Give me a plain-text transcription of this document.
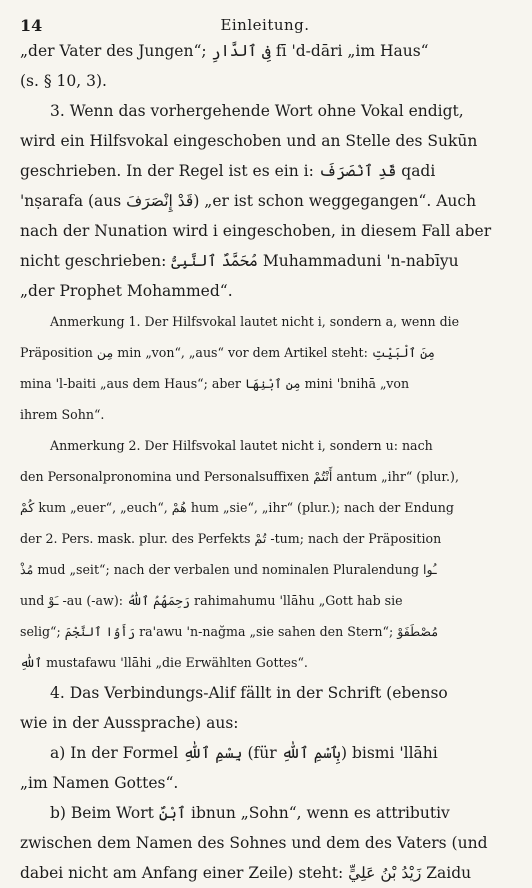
14	Einleitung.
„der Vater des Jungen“; فِى ٱلدَّارِ fī 'd-dāri „im Haus“
(s. § 10, 3).
3. Wenn das vorhergehende Wort ohne Vokal endigt,
wird ein Hilfsvokal eingeschoben und an Stelle des Sukūn
geschrieben. In der Regel ist es ein i: قَدِ ٱنْصَرَفَ qadi
'nṣarafa (aus قَدْ إِنْصَرَفَ) „er ist schon weggegangen“. Auch
nach der Nunation wird i eingeschoben, in diesem Fall aber
nicht geschrieben: مُحَمَّدٌ ٱلنَّبِىُّ Muhammaduni 'n-nabīyu
„der Prophet Mohammed“.
Anmerkung 1. Der Hilfsvokal lautet nicht i, sondern a, wenn die
Präposition مِن min „von“, „aus“ vor dem Artikel steht: مِنَ ٱلْبَيْتِ
mina 'l-baiti „aus dem Haus“; aber مِنِ ٱبْنِهَا mini 'bnihā „von
ihrem Sohn“.
Anmerkung 2. Der Hilfsvokal lautet nicht i, sondern u: nach
den Personalpronomina und Personalsuffixen أَنْتُمْ antum „ihr“ (plur.),
كُمْ kum „euer“, „euch“, هُمْ hum „sie“, „ihr“ (plur.); nach der Endung
der 2. Pers. mask. plur. des Perfekts تُمْ -tum; nach der Präposition
مُذْ mud „seit“; nach der verbalen und nominalen Pluralendung ـُوا
und ـَوْ -au (-aw): رَحِمَهُمُ ٱللّٰهُ rahimahumu 'llāhu „Gott hab sie
selig“; رَأَوُا ٱلنَّجْمَ ra'awu 'n-nağma „sie sahen den Stern“; مُصْطَفَوْ
ٱللّٰهِ mustafawu 'llāhi „die Erwählten Gottes“.
4. Das Verbindungs-Alif fällt in der Schrift (ebenso
wie in der Aussprache) aus:
a) In der Formel بِسْمِ ٱللّٰهِ (für بِٱسْمِ ٱللّٰهِ) bismi 'llāhi
„im Namen Gottes“.
b) Beim Wort ٱبْنٌ ibnun „Sohn“, wenn es attributiv
zwischen dem Namen des Sohnes und dem des Vaters (und
dabei nicht am Anfang einer Zeile) steht: زَيْدُ بْنُ عَلِيٍّ Zaidu
